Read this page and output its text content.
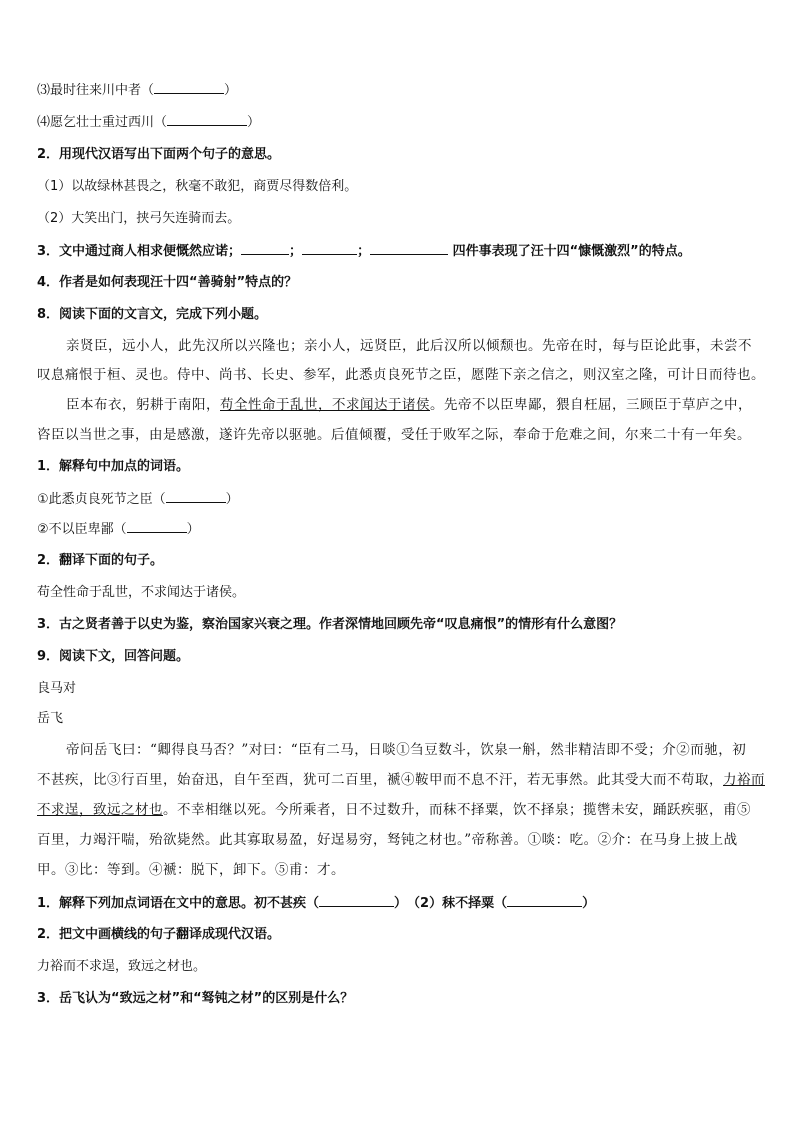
⑶最时往来川中者（	）
⑷愿乞壮士重过西川（	）
2．用现代汉语写出下面两个句子的意思。
（1）以故绿林甚畏之，秋毫不敢犯，商贾尽得数倍利。
（2）大笑出门，挟弓矢连骑而去。
3．文中通过商人相求便慨然应诺；	；	；	四件事表现了汪十四“慷慨激烈”的特点。
4．作者是如何表现汪十四“善骑射”特点的？
8．阅读下面的文言文，完成下列小题。
亲贤臣，远小人，此先汉所以兴隆也；亲小人，远贤臣，此后汉所以倾颓也。先帝在时，每与臣论此事，未尝不
叹息痛恨于桓、灵也。侍中、尚书、长史、参军，此悉贞良死节之臣，愿陛下亲之信之，则汉室之隆，可计日而待也。
臣本布衣，躬耕于南阳，苟全性命于乱世，不求闻达于诸侯。先帝不以臣卑鄙，猥自枉屈，三顾臣于草庐之中，
咨臣以当世之事，由是感激，遂许先帝以驱驰。后值倾覆，受任于败军之际，奉命于危难之间，尔来二十有一年矣。
1．解释句中加点的词语。
①此悉贞良死节之臣（	）
②不以臣卑鄙（	）
2．翻译下面的句子。
苟全性命于乱世，不求闻达于诸侯。
3．古之贤者善于以史为鉴，察治国家兴衰之理。作者深情地回顾先帝“叹息痛恨”的情形有什么意图？
9．阅读下文，回答问题。
良马对
岳飞
帝问岳飞曰：“卿得良马否？”对曰：“臣有二马，日啖①刍豆数斗，饮泉一斛，然非精洁即不受；介②而驰，初
不甚疾，比③行百里，始奋迅，自午至酉，犹可二百里，褫④鞍甲而不息不汗，若无事然。此其受大而不苟取，力裕而
不求逞，致远之材也。不幸相继以死。今所乘者，日不过数升，而秣不择粟，饮不择泉；揽辔未安，踊跃疾驱，甫⑤
百里，力竭汗喘，殆欲毙然。此其寡取易盈，好逞易穷，驽钝之材也。”帝称善。①啖：吃。②介：在马身上披上战
甲。③比：等到。④褫：脱下，卸下。⑤甫：才。
1．解释下列加点词语在文中的意思。初不甚疾（	）　（2）秣不择粟（	）
2．把文中画横线的句子翻译成现代汉语。
力裕而不求逞，致远之材也。
3．岳飞认为“致远之材”和“驽钝之材”的区别是什么？
